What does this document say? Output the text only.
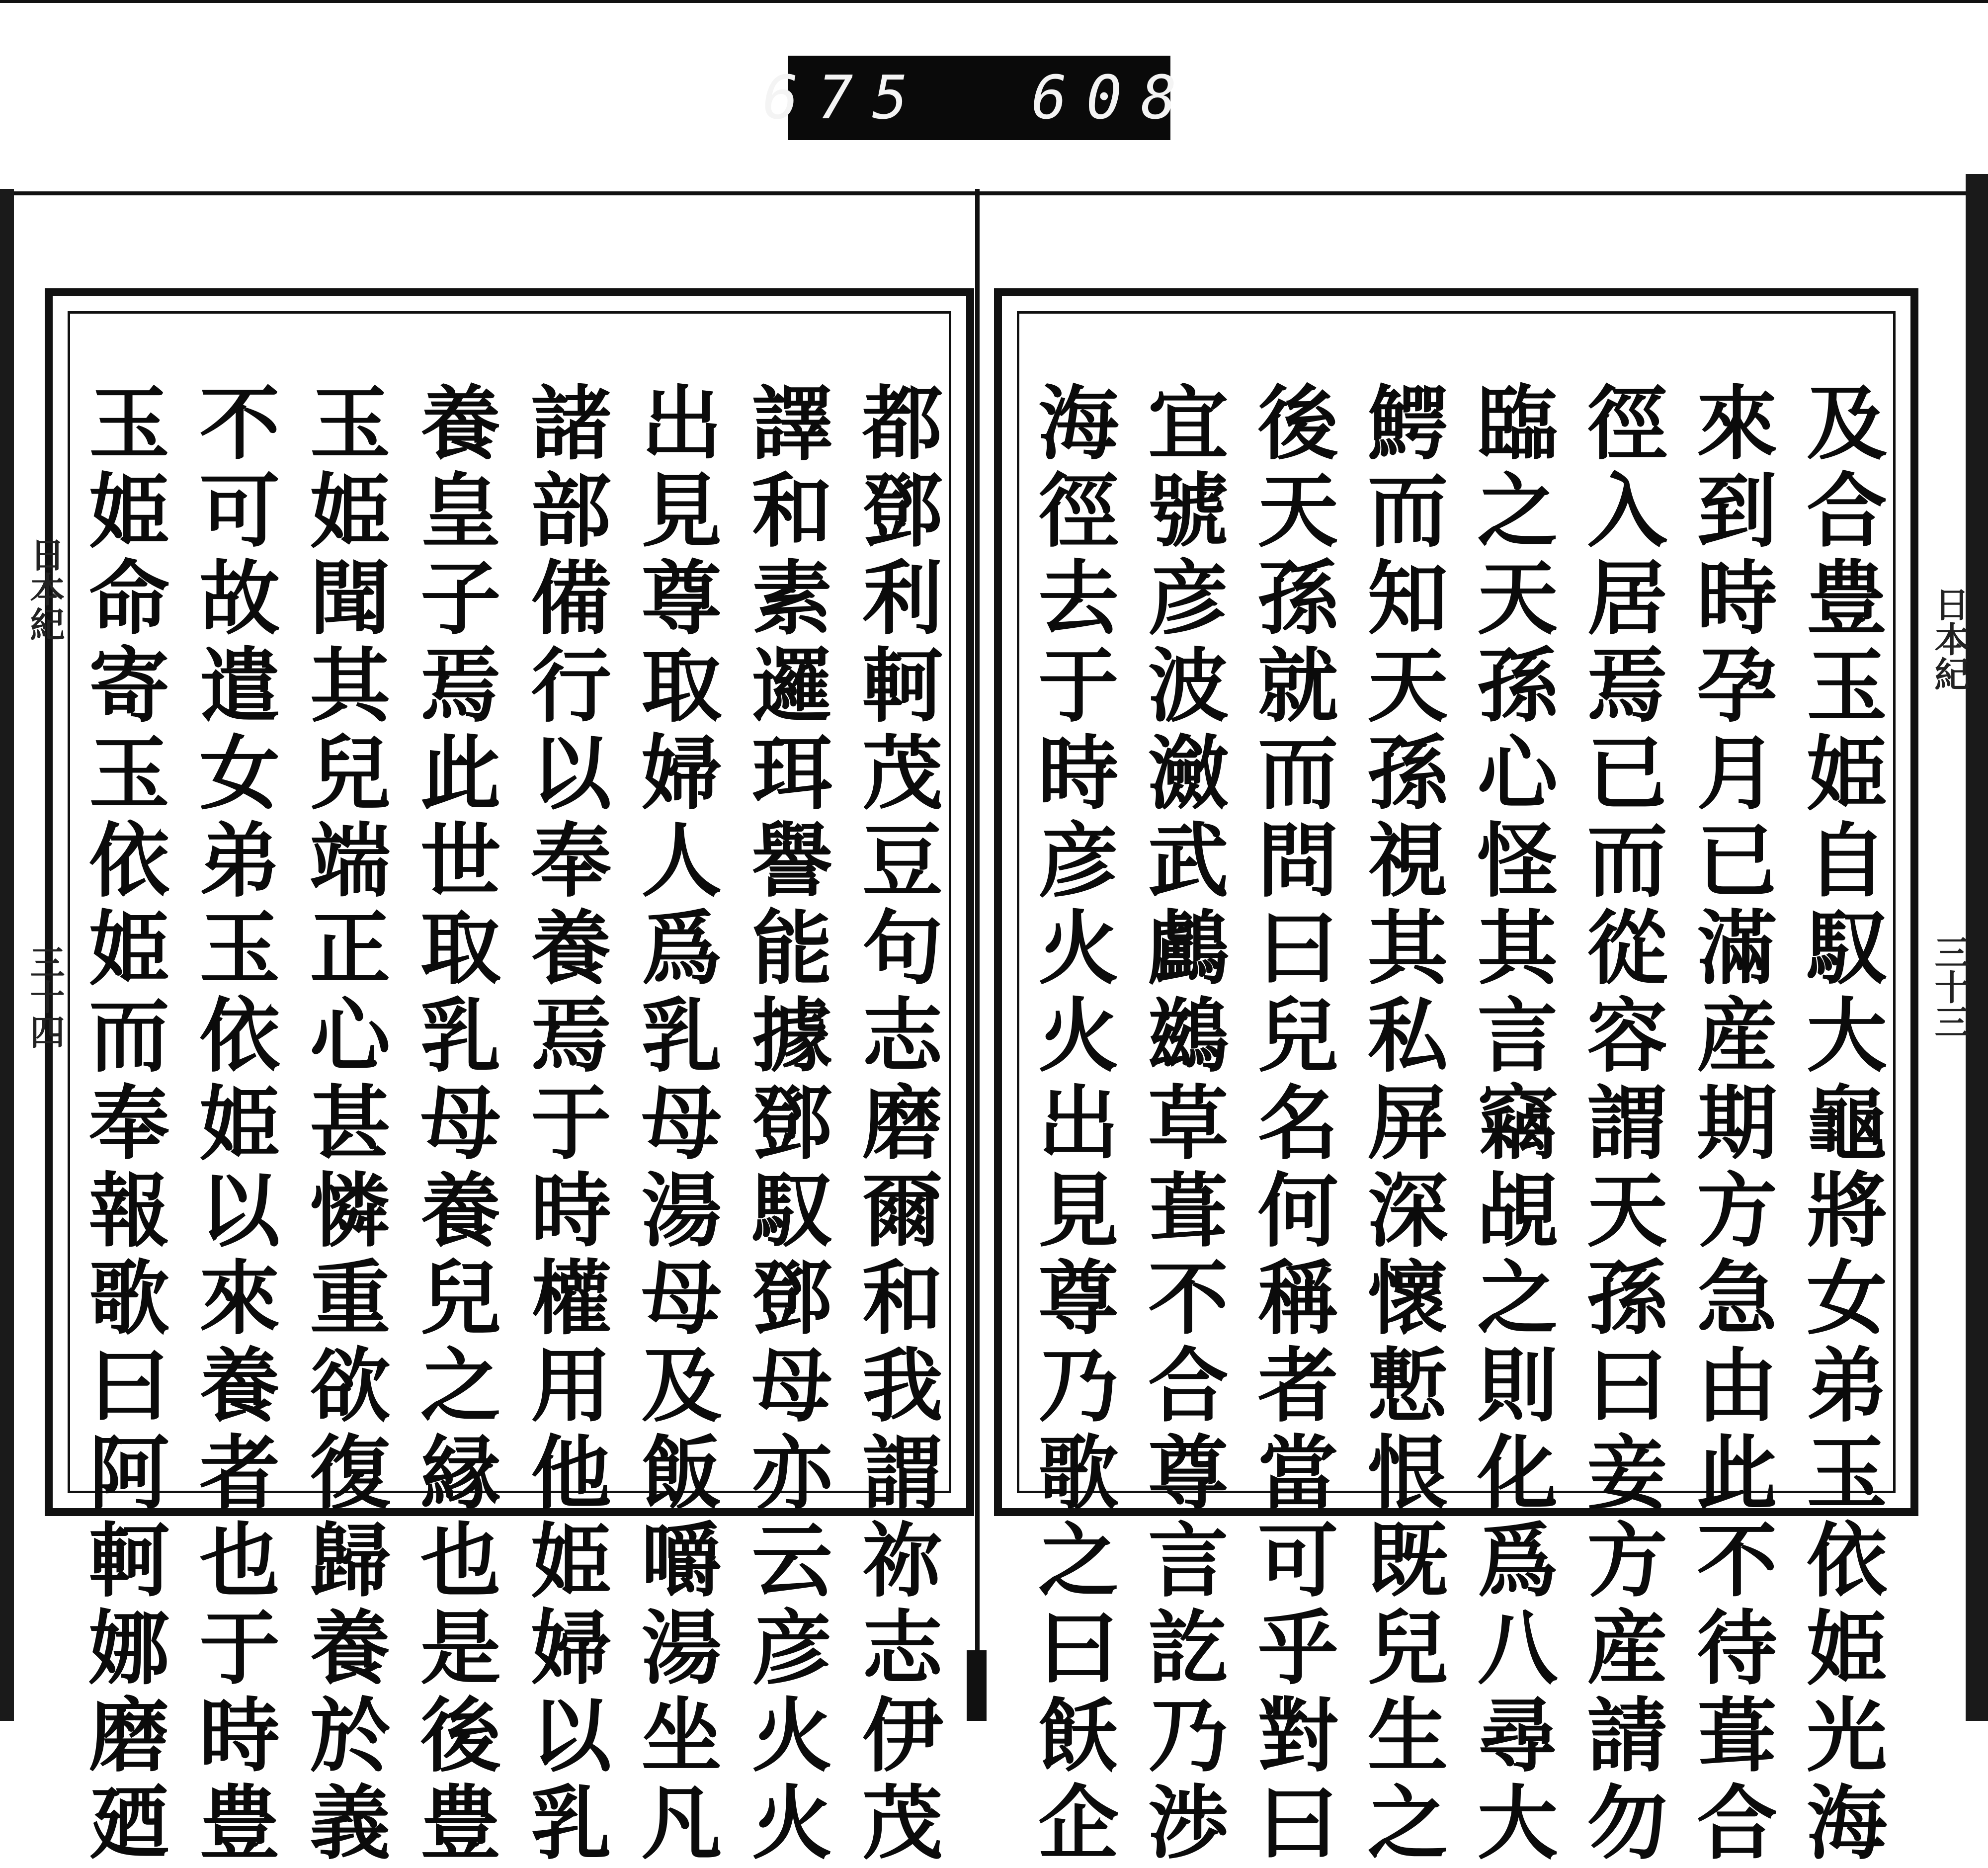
675 608
都鄧利軻茂豆句志磨爾和我謂祢志伊茂
譯和素邏珥譽能據鄧馭鄧母亦云彦火火
出見尊取婦人爲乳母湯母及飯嚼湯坐凡
諸部備行以奉養焉于時權用他姫婦以乳
養皇子焉此世取乳母養兒之縁也是後豊
玉姫聞其兒端正心甚憐重欲復歸養於義
不可故遣女弟玉依姫以來養者也于時豊
玉姫命寄玉依姫而奉報歌曰阿軻娜磨廼	及合豊玉姫自馭大龜將女弟玉依姫光海
來到時孕月已滿産期方急由此不待葺合
徑入居焉已而從容謂天孫曰妾方産請勿
臨之天孫心怪其言竊覘之則化爲八尋大
鰐而知天孫視其私屏深懷慙恨既兒生之
後天孫就而問曰兒名何稱者當可乎對曰
宜號彦波瀲武鸕鷀草葺不合尊言訖乃渉
海徑去于時彦火火出見尊乃歌之曰飫企	日本紀
三十三
日本紀
三十四
